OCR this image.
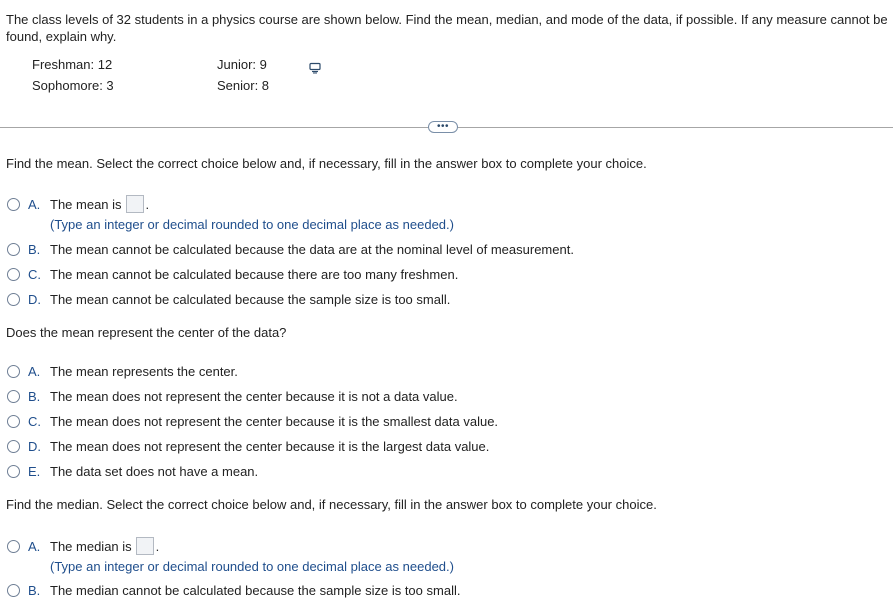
The class levels of 32 students in a physics course are shown below. Find the mean, median, and mode of the data, if possible. If any measure cannot be found, explain why.
Freshman: 12
Sophomore: 3
Junior: 9
Senior: 8
•••
Find the mean. Select the correct choice below and, if necessary, fill in the answer box to complete your choice.
A. The mean is .
(Type an integer or decimal rounded to one decimal place as needed.)
B. The mean cannot be calculated because the data are at the nominal level of measurement.
C. The mean cannot be calculated because there are too many freshmen.
D. The mean cannot be calculated because the sample size is too small.
Does the mean represent the center of the data?
A. The mean represents the center.
B. The mean does not represent the center because it is not a data value.
C. The mean does not represent the center because it is the smallest data value.
D. The mean does not represent the center because it is the largest data value.
E. The data set does not have a mean.
Find the median. Select the correct choice below and, if necessary, fill in the answer box to complete your choice.
A. The median is .
(Type an integer or decimal rounded to one decimal place as needed.)
B. The median cannot be calculated because the sample size is too small.
